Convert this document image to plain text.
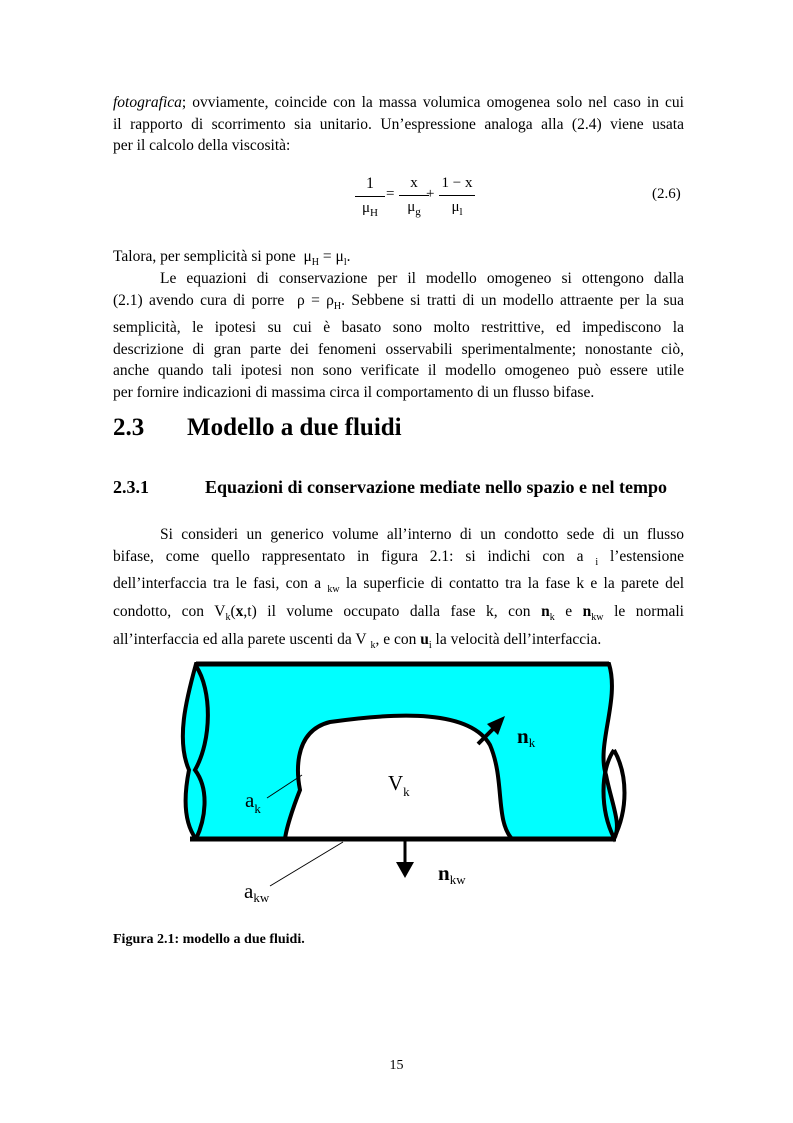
fotografica; ovviamente, coincide con la massa volumica omogenea solo nel caso in cui
il rapporto di scorrimento sia unitario. Un’espressione analoga alla (2.4) viene usata
per il calcolo della viscosità:
1
$\mu_H$
=
x
$\mu_g$
+
1 − x
$\mu_l$
(2.6)
Talora, per semplicità si pone $\mu_H = \mu_l$.
Le equazioni di conservazione per il modello omogeneo si ottengono dalla
(2.1) avendo cura di porre $\rho = \rho_H$. Sebbene si tratti di un modello attraente per la sua
semplicità, le ipotesi su cui è basato sono molto restrittive, ed impediscono la
descrizione di gran parte dei fenomeni osservabili sperimentalmente; nonostante ciò,
anche quando tali ipotesi non sono verificate il modello omogeneo può essere utile
per fornire indicazioni di massima circa il comportamento di un flusso bifase.
2.3 Modello a due fluidi
2.3.1	Equazioni di conservazione mediate nello spazio e nel tempo
Si consideri un generico volume all’interno di un condotto sede di un flusso
bifase, come quello rappresentato in figura 2.1: si indichi con a $_i$ l’estensione
dell’interfaccia tra le fasi, con a $_{kw}$ la superficie di contatto tra la fase k e la parete del
condotto, con $V_k(x,t)$ il volume occupato dalla fase k, con $n_k$ e $n_{kw}$ le normali
all’interfaccia ed alla parete uscenti da V $_k$, e con $u_i$ la velocità dell’interfaccia.
nk
$V_k$
$a_k$
nkw
akw
Figura 2.1: modello a due fluidi.
15
